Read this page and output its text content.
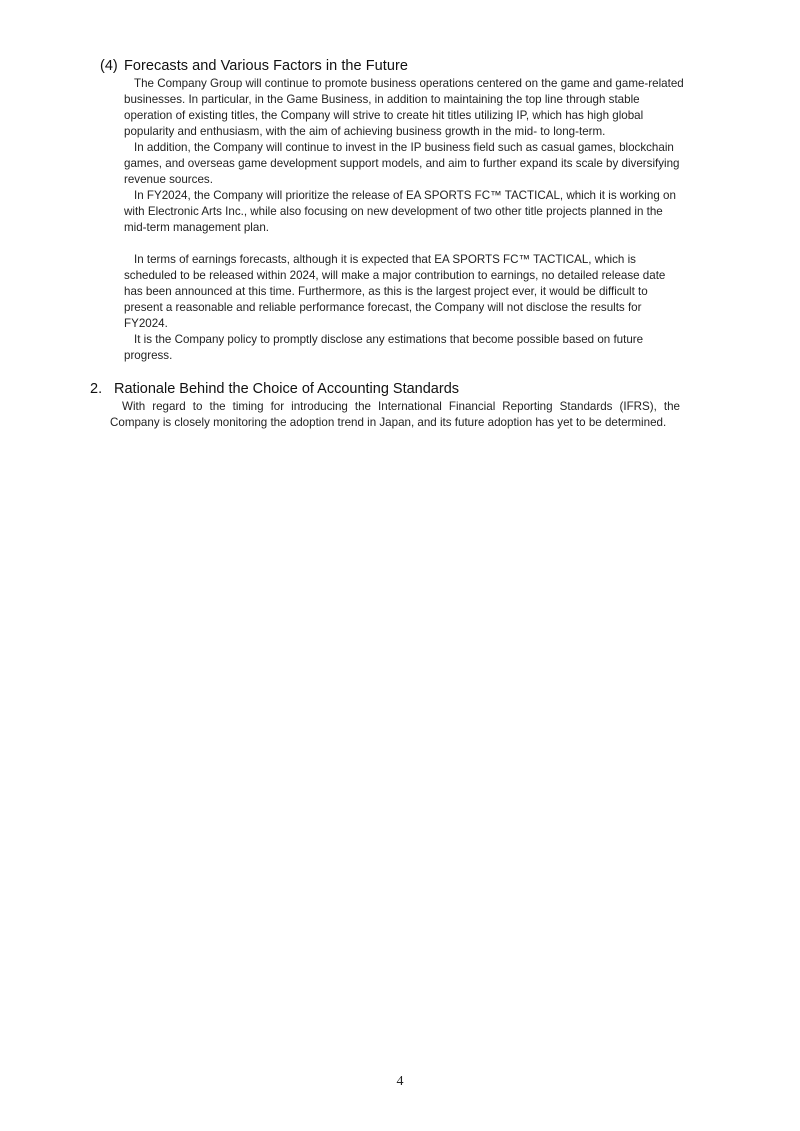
(4) Forecasts and Various Factors in the Future

The Company Group will continue to promote business operations centered on the game and game-related businesses. In particular, in the Game Business, in addition to maintaining the top line through stable operation of existing titles, the Company will strive to create hit titles utilizing IP, which has high global popularity and enthusiasm, with the aim of achieving business growth in the mid- to long-term.

In addition, the Company will continue to invest in the IP business field such as casual games, blockchain games, and overseas game development support models, and aim to further expand its scale by diversifying revenue sources.

In FY2024, the Company will prioritize the release of EA SPORTS FC™ TACTICAL, which it is working on with Electronic Arts Inc., while also focusing on new development of two other title projects planned in the mid-term management plan.

In terms of earnings forecasts, although it is expected that EA SPORTS FC™ TACTICAL, which is scheduled to be released within 2024, will make a major contribution to earnings, no detailed release date has been announced at this time. Furthermore, as this is the largest project ever, it would be difficult to present a reasonable and reliable performance forecast, the Company will not disclose the results for FY2024.

It is the Company policy to promptly disclose any estimations that become possible based on future progress.

2. Rationale Behind the Choice of Accounting Standards

With regard to the timing for introducing the International Financial Reporting Standards (IFRS), the Company is closely monitoring the adoption trend in Japan, and its future adoption has yet to be determined.

4
